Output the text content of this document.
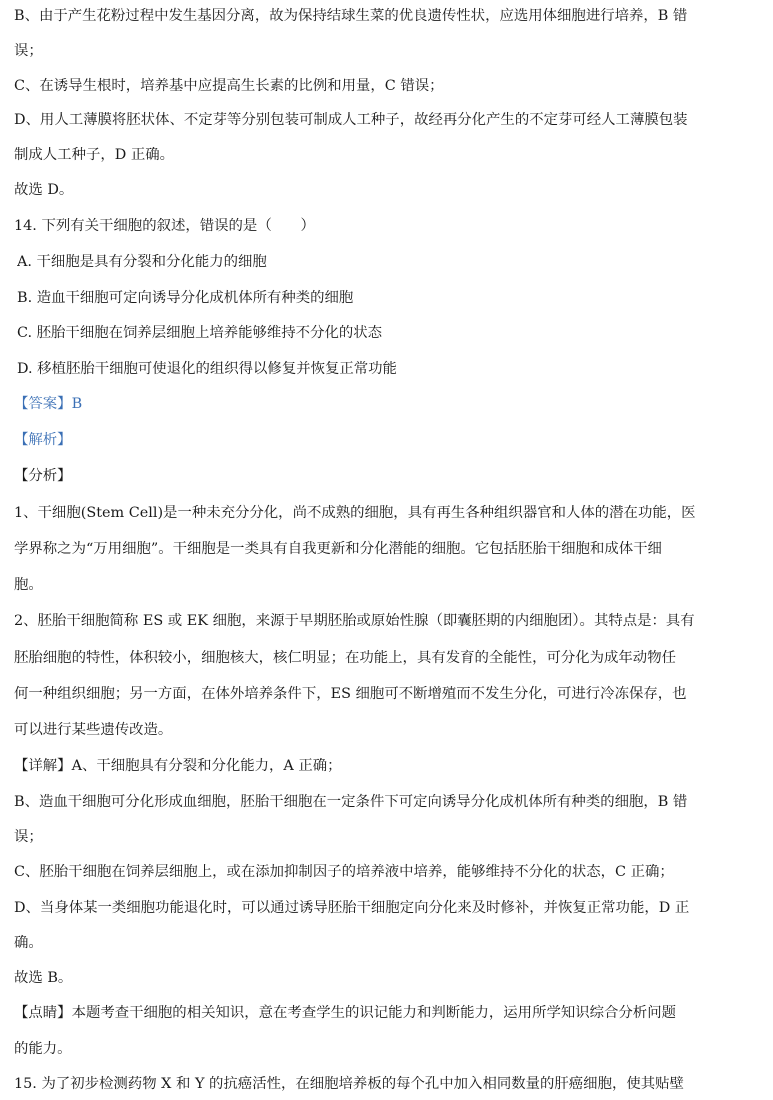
B、由于产生花粉过程中发生基因分离，故为保持结球生菜的优良遗传性状，应选用体细胞进行培养，B 错
误；
C、在诱导生根时，培养基中应提高生长素的比例和用量，C 错误；
D、用人工薄膜将胚状体、不定芽等分别包装可制成人工种子，故经再分化产生的不定芽可经人工薄膜包装
制成人工种子，D 正确。
故选 D。
14. 下列有关干细胞的叙述，错误的是（　　）
A. 干细胞是具有分裂和分化能力的细胞
B. 造血干细胞可定向诱导分化成机体所有种类的细胞
C. 胚胎干细胞在饲养层细胞上培养能够维持不分化的状态
D. 移植胚胎干细胞可使退化的组织得以修复并恢复正常功能
【答案】B
【解析】
【分析】
1、干细胞(Stem Cell)是一种未充分分化，尚不成熟的细胞，具有再生各种组织器官和人体的潜在功能，医
学界称之为“万用细胞”。干细胞是一类具有自我更新和分化潜能的细胞。它包括胚胎干细胞和成体干细
胞。
2、胚胎干细胞简称 ES 或 EK 细胞，来源于早期胚胎或原始性腺（即囊胚期的内细胞团）。其特点是：具有
胚胎细胞的特性，体积较小，细胞核大，核仁明显；在功能上，具有发育的全能性，可分化为成年动物任
何一种组织细胞；另一方面，在体外培养条件下，ES 细胞可不断增殖而不发生分化，可进行冷冻保存，也
可以进行某些遗传改造。
【详解】A、干细胞具有分裂和分化能力，A 正确；
B、造血干细胞可分化形成血细胞，胚胎干细胞在一定条件下可定向诱导分化成机体所有种类的细胞，B 错
误；
C、胚胎干细胞在饲养层细胞上，或在添加抑制因子的培养液中培养，能够维持不分化的状态，C 正确；
D、当身体某一类细胞功能退化时，可以通过诱导胚胎干细胞定向分化来及时修补，并恢复正常功能，D 正
确。
故选 B。
【点睛】本题考查干细胞的相关知识，意在考查学生的识记能力和判断能力，运用所学知识综合分析问题
的能力。
15. 为了初步检测药物 X 和 Y 的抗癌活性，在细胞培养板的每个孔中加入相同数量的肝癌细胞，使其贴壁
